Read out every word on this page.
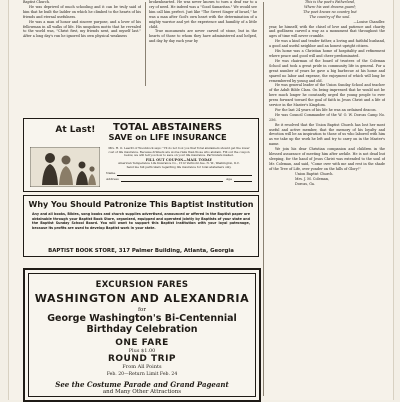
Baptist Church.

He was deprived of much schooling and it can be truly said of him that he built the ladder on which he climbed to the hearts of his friends and eternal usefulness.

He was a man of honor and sincere purpose, and a lover of his fellowman in all walks of life. His unspoken motto that he revealed to the world was, "Christ first, my friends next, and myself last." After a long day's run he ignored his own physical weakness

brokenhearted. He was never known to turn a deaf ear to a cry of need. He indeed was a "Good Samaritan." We would see him call him perfect. Just like "The Sweet Singer of Israel," he was a man after God's own heart with the determination of a mighty warrior and yet the experience and humility of a little child.

True monuments are never carved of stone, but in the hearts of those to whom they have administered and helped, and day by day each year by

At Last! TOTAL ABSTAINERS
SAVE on LIFE INSURANCE
Mrs. H. O. Leavitt of Woodstock says: "I'll do not fool you that Total abstainers should get the lower cost of life insurance. Because drinkers are worse risks than those who abstain. Fill out the coupon below, we will tell you how to save on your life insurance. Particulars mailed.
FILL OUT COUPON—MAIL TODAY
American Temperance Life Insurance Co., 1512 Vermont Ave. N. W., Washington, D.C.
Send me full particulars regarding life insurance for total abstainers only.
Name
Address	Age
Why You Should Patronize This Baptist Institution
Any and all books, Bibles, song books and church supplies advertised, announced or offered in the Baptist paper are obtainable through your Baptist Book Store, organized, equipped and operated jointly by Baptists of your state and the Baptist Sunday School Board. You will want to support this Baptist Institution with your loyal patronage, because its profits are used to develop Baptist work in your state.
BAPTIST BOOK STORE, 317 Palmer Building, Atlanta, Georgia
EXCURSION FARES
WASHINGTON AND ALEXANDRIA
for
George Washington's Bi-Centennial
Birthday Celebration
ONE FARE
Plus $1.00
ROUND TRIP
From All Points
Feb. 20—Return Limit Feb. 24
See the Costume Parade and Grand Pageant
and Many Other Attractions

This is the poet's Fatherland,

Where his vast dreams guard;

The poet knows no country but

The country of the soul.

—Louise Chandler.

year, he himself, with the chisel of love and patience and charity and godliness carved a way as a monument that throughout the ages of time will never crumble.

He was a kind and tender father, a loving and faithful husband, a good and useful neighbor and an honest upright citizen.

His home was a Christian home of hospitality and refinement where peace and good will and cheer predominated.

He was chairman of the board of trustees of the Coleman School and took a great pride in community life in general. For a great number of years he gave a big barbecue at his home and spared no labor and expense, the enjoyment of which will long be remembered by young and old.

He was general leader of the Union Sunday School and teacher of the Adult Bible Class. On being impressed that he would not be here much longer he constantly urged the young people to ever press forward toward the goal of faith in Jesus Christ and a life of service in the Master's Kingdom.

For the last 24 years of his life he was an ordained deacon.

He was Council Commander of the W. O. W. Dorcas Camp No. 256.

Be it resolved that the Union Baptist Church has lost her most useful and active member, that the memory of his loyalty and devotion will be an inspiration to those of us who labored with him as we take up the work he left and try to carry on in the Master's name.

We join his dear Christian companion and children in the blessed assurance of meeting him after awhile. He is not dead but sleeping, for the hand of Jesus Christ was extended to the soul of Mr. Coleman, and said, "Come over with me and rest in the shade of the Tree of Life, over yonder on the hills of Glory!"

Union Baptist Church.

Mrs. J. M. Coleman,

Dorcas, Ga.
